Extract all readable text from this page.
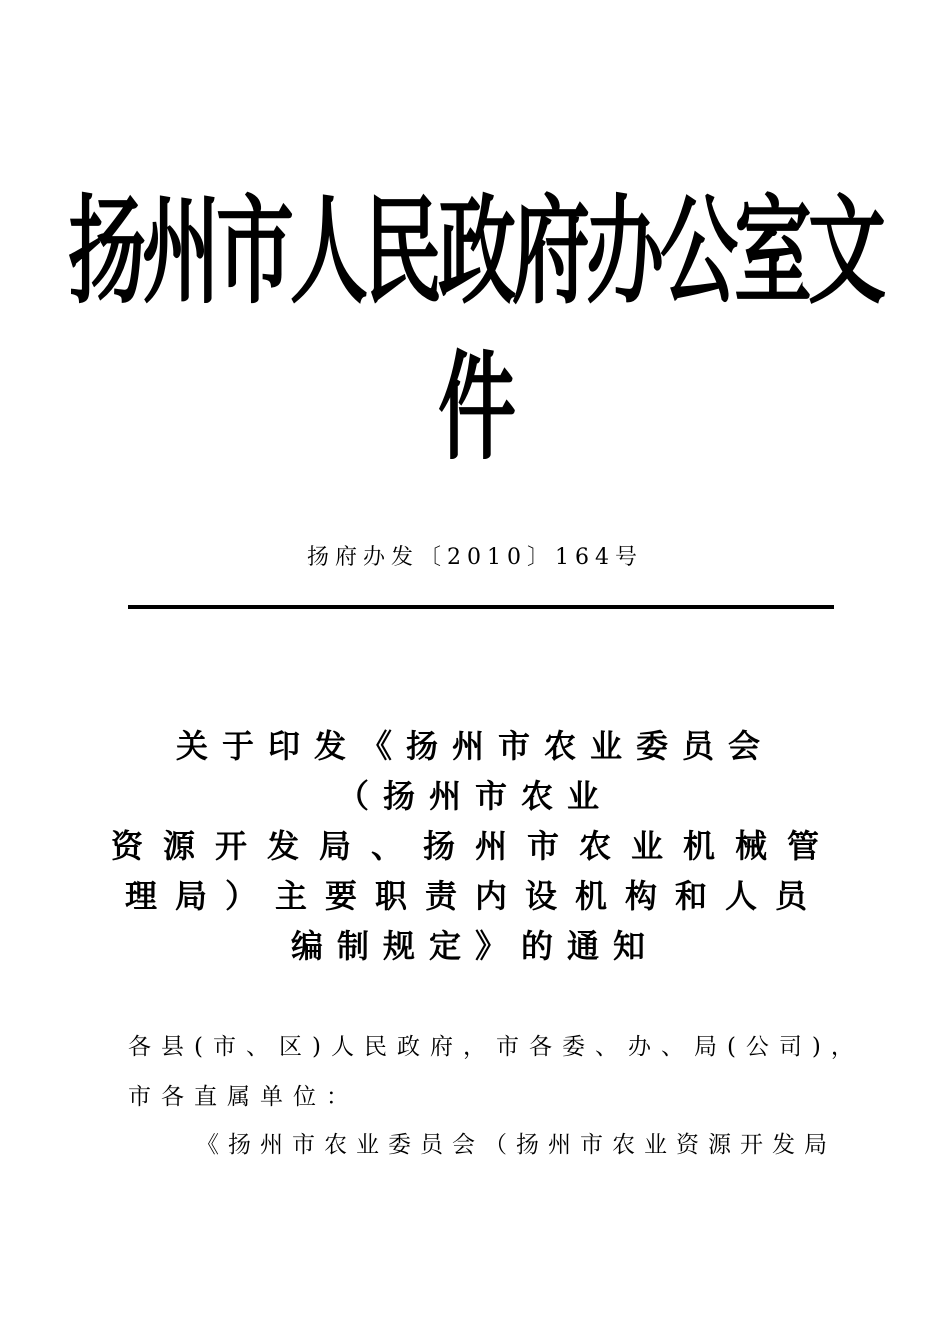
扬州市人民政府办公室文
件
扬府办发〔2010〕164号
关于印发《扬州市农业委员会
（扬州市农业
资源开发局、扬州市农业机械管
理局）主要职责内设机构和人员
编制规定》的通知
各县(市、区)人民政府，市各委、办、局(公司)，
市各直属单位：
《扬州市农业委员会（扬州市农业资源开发局
